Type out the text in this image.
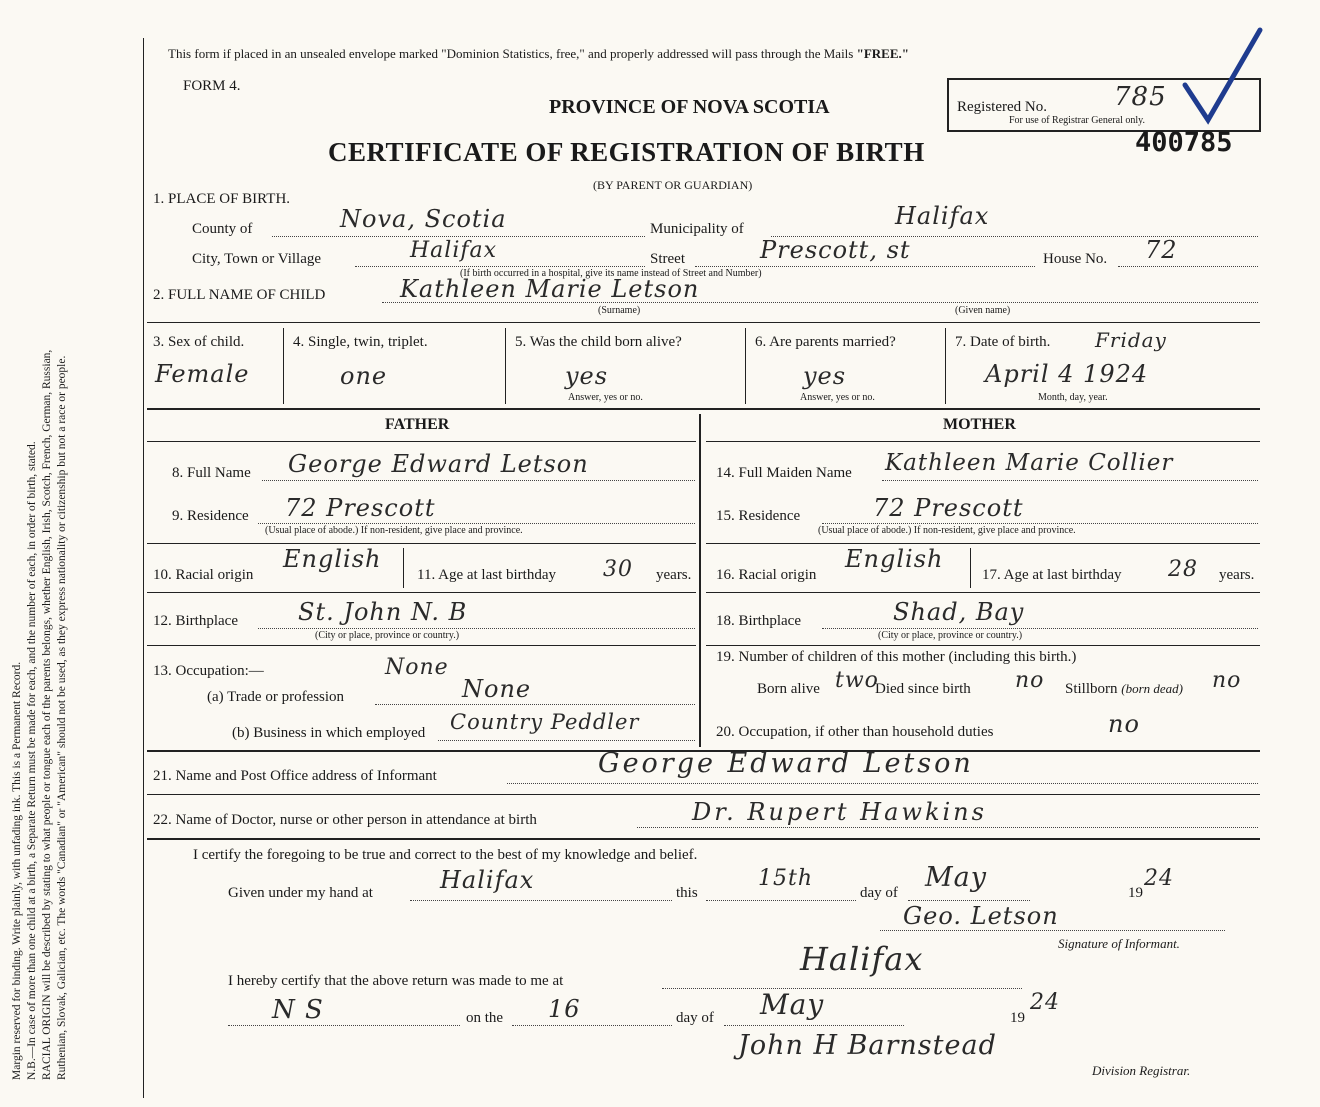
Margin reserved for binding. Write plainly, with unfading ink. This is a Permanent Record. N.B.—In case of more than one child at a birth, a Separate Return must be made for each, and the number of each, in order of birth, stated. RACIAL ORIGIN will be described by stating to what people or tongue each of the parents belongs, whether English, Irish, Scotch, French, German, Russian, Ruthenian, Slovak, Galician, etc. The words "Canadian" or "American" should not be used, as they express nationality or citizenship but not a race or people.
This form if placed in an unsealed envelope marked "Dominion Statistics, free," and properly addressed will pass through the Mails "FREE."
FORM 4.
PROVINCE OF NOVA SCOTIA
CERTIFICATE OF REGISTRATION OF BIRTH
(BY PARENT OR GUARDIAN)
Registered No.	785
For use of Registrar General only.
400785
1. PLACE OF BIRTH.
County of	Nova, Scotia	Municipality of	Halifax
City, Town or Village	Halifax	Street	Prescott, st	House No. 72
(If birth occurred in a hospital, give its name instead of Street and Number)
2. FULL NAME OF CHILD	Kathleen Marie Letson
(Surname)	(Given name)
3. Sex of child.
Female
4. Single, twin, triplet.
one
5. Was the child born alive?
yes
Answer, yes or no.
6. Are parents married?
yes
Answer, yes or no.
7. Date of birth. Friday
April 4 1924
Month, day, year.
FATHER	MOTHER
8. Full Name George Edward Letson
9. Residence 72 Prescott
(Usual place of abode.) If non-resident, give place and province.
10. Racial origin
English
11. Age at last birthday 30 years.
12. Birthplace	St. John N. B
(City or place, province or country.)
13. Occupation:—	None
(a) Trade or profession	None
(b) Business in which employed Country Peddler
14. Full Maiden Name Kathleen Marie Collier
15. Residence	72 Prescott
(Usual place of abode.) If non-resident, give place and province.
16. Racial origin
English
17. Age at last birthday 28 years.
18. Birthplace	Shad, Bay
(City or place, province or country.)
19. Number of children of this mother (including this birth.)
Born alive two
Died since birth no Stillborn (born dead) no
20. Occupation, if other than household duties	no
21. Name and Post Office address of Informant	George Edward Letson
22. Name of Doctor, nurse or other person in attendance at birth	Dr. Rupert Hawkins
I certify the foregoing to be true and correct to the best of my knowledge and belief.
Given under my hand at	Halifax	this
15th
day of May	19
24
Geo. Letson
Signature of Informant.
I hereby certify that the above return was made to me at
Halifax
N S	on the 16	day of May	19
24
John H Barnstead
Division Registrar.
